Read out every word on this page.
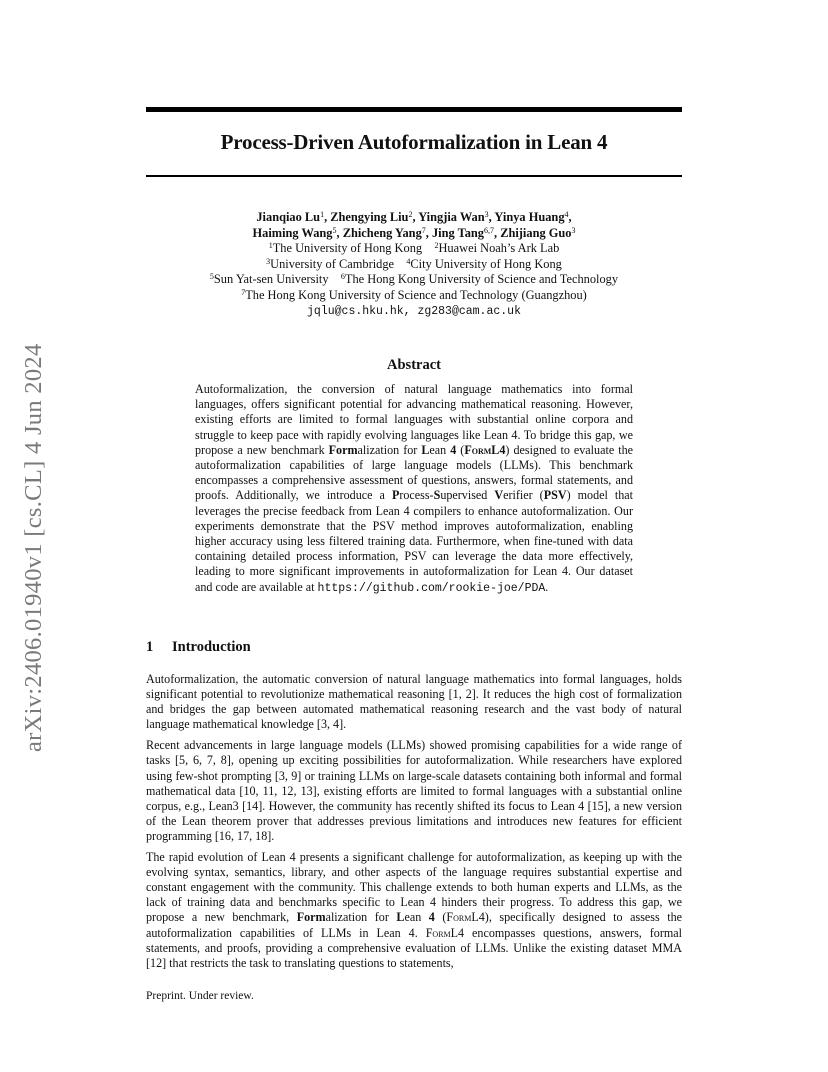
arXiv:2406.01940v1 [cs.CL] 4 Jun 2024
Process-Driven Autoformalization in Lean 4
Jianqiao Lu$^1$, Zhengying Liu$^2$, Yingjia Wan$^3$, Yinya Huang$^4$,
Haiming Wang$^5$, Zhicheng Yang$^7$, Jing Tang$^{6,7}$, Zhijiang Guo$^3$
$^1$The University of Hong Kong $^2$Huawei Noah’s Ark Lab
$^3$University of Cambridge $^4$City University of Hong Kong
$^5$Sun Yat-sen University $^6$The Hong Kong University of Science and Technology
$^7$The Hong Kong University of Science and Technology (Guangzhou)
jqlu@cs.hku.hk, zg283@cam.ac.uk
Abstract

Autoformalization, the conversion of natural language mathematics into formal languages, offers significant potential for advancing mathematical reasoning. However, existing efforts are limited to formal languages with substantial online corpora and struggle to keep pace with rapidly evolving languages like Lean 4. To bridge this gap, we propose a new benchmark Formalization for Lean 4 (FormL4) designed to evaluate the autoformalization capabilities of large language models (LLMs). This benchmark encompasses a comprehensive assessment of questions, answers, formal statements, and proofs. Additionally, we introduce a Process-Supervised Verifier (PSV) model that leverages the precise feedback from Lean 4 compilers to enhance autoformalization. Our experiments demonstrate that the PSV method improves autoformalization, enabling higher accuracy using less filtered training data. Furthermore, when fine-tuned with data containing detailed process information, PSV can leverage the data more effectively, leading to more significant improvements in autoformalization for Lean 4. Our dataset and code are available at https://github.com/rookie-joe/PDA.

1 Introduction

Autoformalization, the automatic conversion of natural language mathematics into formal languages, holds significant potential to revolutionize mathematical reasoning [1, 2]. It reduces the high cost of formalization and bridges the gap between automated mathematical reasoning research and the vast body of natural language mathematical knowledge [3, 4].

Recent advancements in large language models (LLMs) showed promising capabilities for a wide range of tasks [5, 6, 7, 8], opening up exciting possibilities for autoformalization. While researchers have explored using few-shot prompting [3, 9] or training LLMs on large-scale datasets containing both informal and formal mathematical data [10, 11, 12, 13], existing efforts are limited to formal languages with a substantial online corpus, e.g., Lean3 [14]. However, the community has recently shifted its focus to Lean 4 [15], a new version of the Lean theorem prover that addresses previous limitations and introduces new features for efficient programming [16, 17, 18].

The rapid evolution of Lean 4 presents a significant challenge for autoformalization, as keeping up with the evolving syntax, semantics, library, and other aspects of the language requires substantial expertise and constant engagement with the community. This challenge extends to both human experts and LLMs, as the lack of training data and benchmarks specific to Lean 4 hinders their progress. To address this gap, we propose a new benchmark, Formalization for Lean 4 (FormL4), specifically designed to assess the autoformalization capabilities of LLMs in Lean 4. FormL4 encompasses questions, answers, formal statements, and proofs, providing a comprehensive evaluation of LLMs. Unlike the existing dataset MMA [12] that restricts the task to translating questions to statements,

Preprint. Under review.
